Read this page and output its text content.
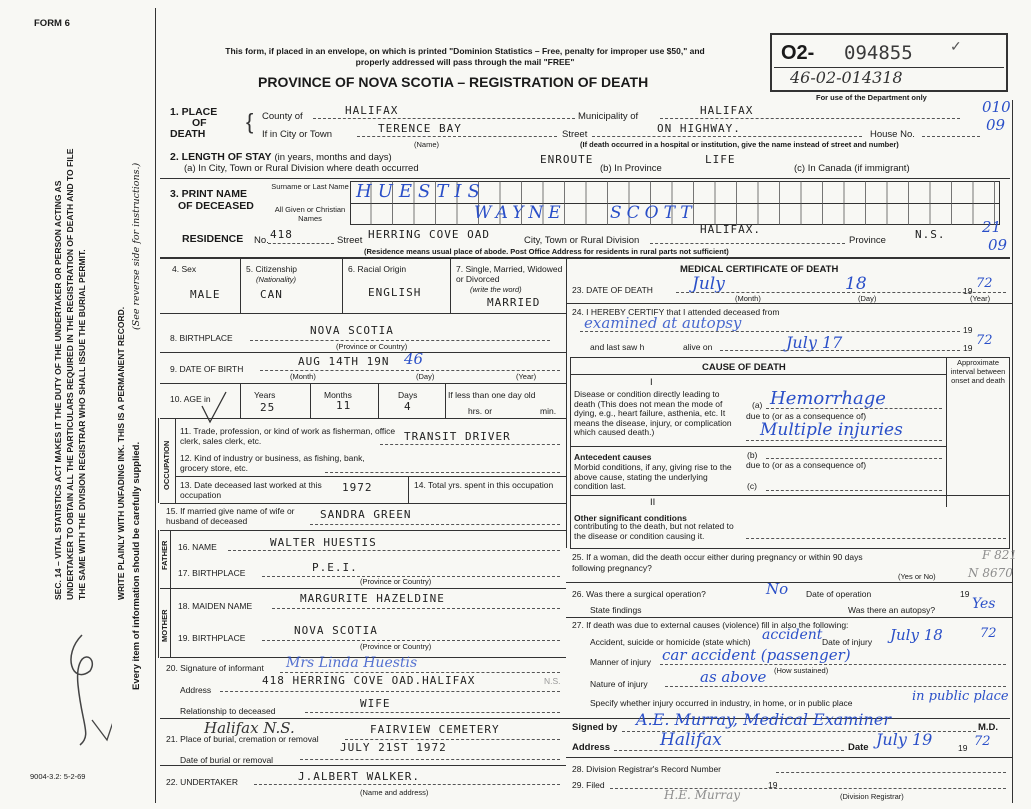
FORM 6
SEC. 14 – VITAL STATISTICS ACT MAKES IT THE DUTY OF THE UNDERTAKER OR PERSON ACTING AS UNDERTAKER TO OBTAIN ALL THE PARTICULARS REQUIRED IN THE REGISTRATION OF DEATH AND TO FILE THE SAME WITH THE DIVISION REGISTRAR WHO SHALL ISSUE THE BURIAL PERMIT.	WRITE PLAINLY WITH UNFADING INK. THIS IS A PERMANENT RECORD.
(See reverse side for instructions.)
Every item of information should be carefully supplied.
9004-3.2: 5-2-69
This form, if placed in an envelope, on which is printed "Dominion Statistics – Free, penalty for improper use $50," and properly addressed will pass through the mail "FREE"
PROVINCE OF NOVA SCOTIA – REGISTRATION OF DEATH
O2- 094855	✓
46-02-014318
For use of the Department only
1. PLACE
OF
DEATH	{ County of	HALIFAX	Municipality of	HALIFAX	010
If in City or Town	TERENCE BAY	Street	ON HIGHWAY.	House No.
09
(Name)	(If death occurred in a hospital or institution, give the name instead of street and number)
2. LENGTH OF STAY (in years, months and days)
(a) In City, Town or Rural Division where death occurred
ENROUTE
(b) In Province
LIFE
(c) In Canada (if immigrant)
3. PRINT NAME
OF DECEASED
Surname or Last Name
All Given or Christian Names
HUESTIS
WAYNE	SCOTT
RESIDENCE No. 418	Street HERRING COVE OAD	City, Town or Rural Division
HALIFAX.
Province	N.S. 21
09
(Residence means usual place of abode. Post Office Address for residents in rural parts not sufficient)
4. Sex
MALE
5. Citizenship
(Nationality)
CAN
6. Racial Origin
ENGLISH
7. Single, Married, Widowed or Divorced
(write the word)
MARRIED
8. BIRTHPLACE
NOVA SCOTIA
(Province or Country)
9. DATE OF BIRTH
AUG 14TH 19N 46
(Month)	(Day)	(Year)
10. AGE in	Years
25
Months
11
Days
4
If less than one day old
hrs. or	min.
OCCUPATION
11. Trade, profession, or kind of work as fisherman, office clerk, sales clerk, etc.	TRANSIT DRIVER
12. Kind of industry or business, as fishing, bank, grocery store, etc.
13. Date deceased last worked at this occupation
1972	14. Total yrs. spent in this occupation
15. If married give name of wife or husband of deceased	SANDRA GREEN
FATHER 16. NAME	WALTER HUESTIS
17. BIRTHPLACE	P.E.I.
(Province or Country)
MOTHER
18. MAIDEN NAME
MARGURITE HAZELDINE
19. BIRTHPLACE
NOVA SCOTIA
(Province or Country)
20. Signature of informant Mrs Linda Huestis
Address
418 HERRING COVE OAD.HALIFAX	N.S.
Relationship to deceased
WIFE
21. Place of burial, cremation or removal
Halifax N.S.	FAIRVIEW CEMETERY
Date of burial or removal
JULY 21ST 1972
22. UNDERTAKER	J.ALBERT WALKER.
(Name and address)
MEDICAL CERTIFICATE OF DEATH
23. DATE OF DEATH July	18	19 72
(Month)	(Day)	(Year)
24. I HEREBY CERTIFY that I attended deceased from
examined at autopsy	19
and last saw h	alive on	July 17	19 72
CAUSE OF DEATH	Approximate interval between onset and death
I
Disease or condition directly leading to death (This does not mean the mode of dying, e.g., heart failure, asthenia, etc. It means the disease, injury, or complication which caused death.)
(a) Hemorrhage
due to (or as a consequence of)
Multiple injuries
Antecedent causes
Morbid conditions, if any, giving rise to the above cause, stating the underlying condition last.
(b)
due to (or as a consequence of)
(c)
II
Other significant conditions
contributing to the death, but not related to the disease or condition causing it.
25. If a woman, did the death occur either during pregnancy or within 90 days following pregnancy?
(Yes or No)
F 821
N 8670
26. Was there a surgical operation?	No Date of operation	19
State findings	Was there an autopsy?	Yes
27. If death was due to external causes (violence) fill in also the following:
Accident, suicide or homicide (state which) accident Date of injury July 18	72
Manner of injury car accident (passenger)
(How sustained)
Nature of injury	as above
Specify whether injury occurred in industry, in home, or in public place	in public place
Signed by A.E. Murray, Medical Examiner	M.D.
Address	Halifax	Date July 19	19 72
28. Division Registrar's Record Number
29. Filed	19
H.E. Murray	(Division Registrar)
